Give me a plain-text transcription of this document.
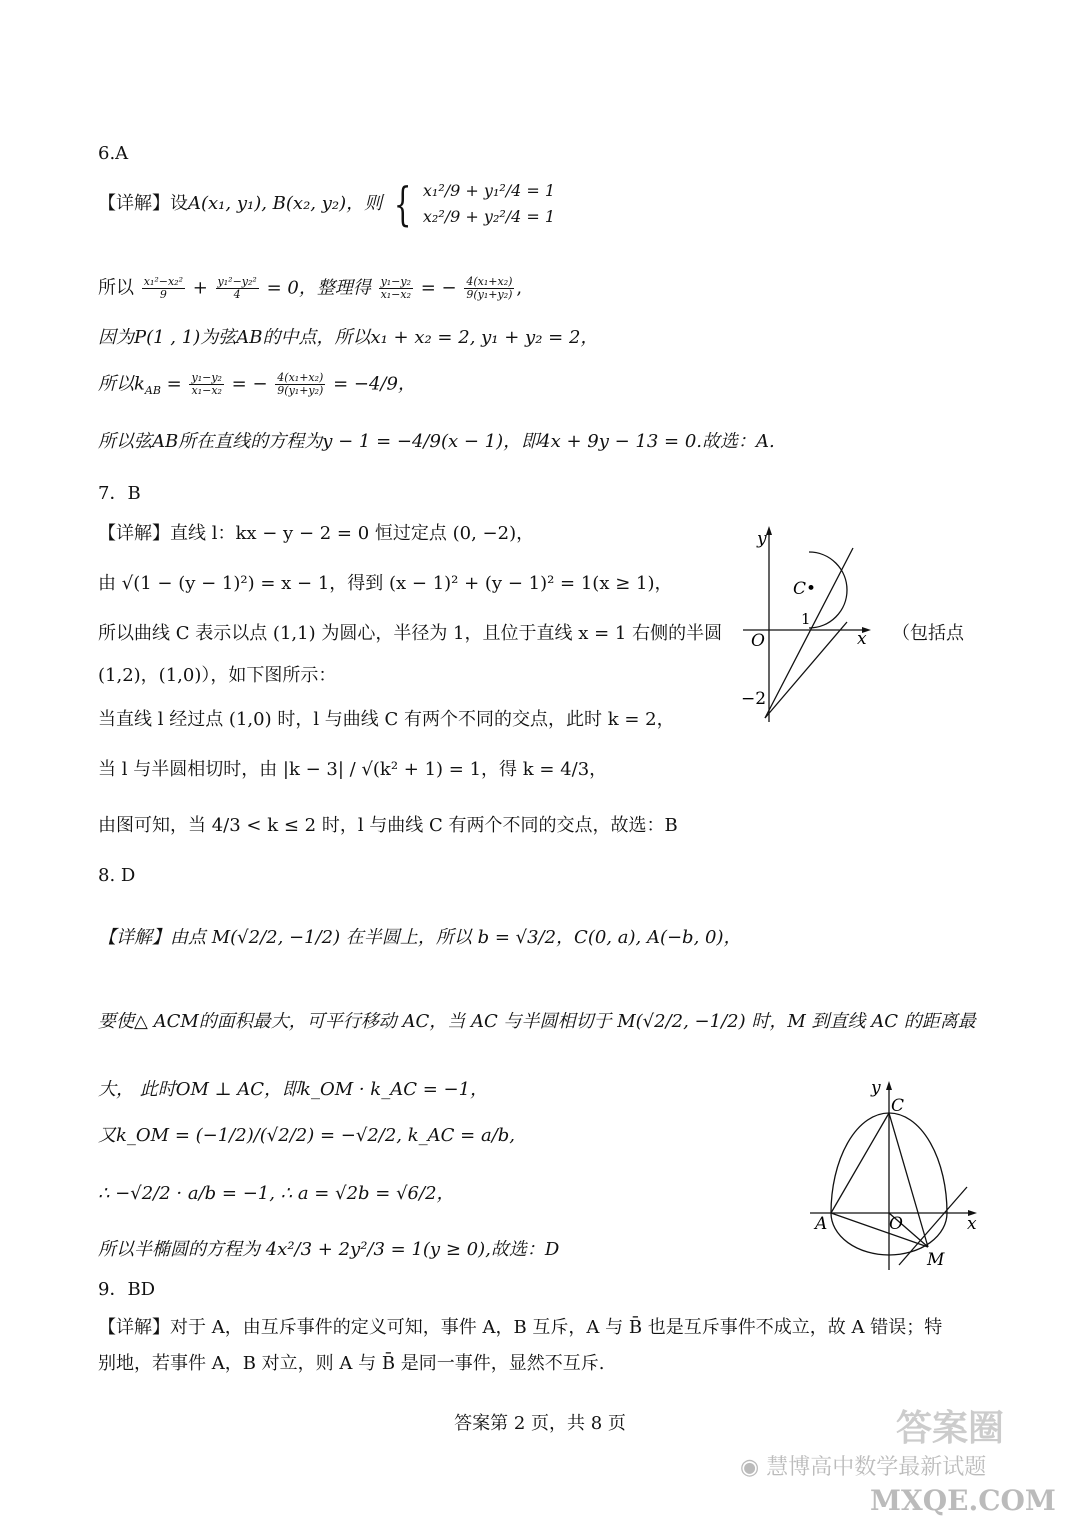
6.A
【详解】设A(x₁, y₁), B(x₂, y₂)，则 { x₁²/9 + y₁²/4 = 1
x₂²/9 + y₂²/4 = 1
所以 $\frac{\text{x₁²−x₂²}}{9} + \frac{\text{y₁²−y₂²}}{4} = 0$，整理得 $\frac{\text{y₁−y₂}}{\text{x₁−x₂}}$ = − $\frac{\text{4(x₁+x₂)}}{\text{9(y₁+y₂)}}$ ,
因为P(1 , 1)为弦AB的中点，所以x₁ + x₂ = 2, y₁ + y₂ = 2，
所以$k_{AB} = \frac{\text{y₁−y₂}}{\text{x₁−x₂}}$ = − $\frac{\text{4(x₁+x₂)}}{\text{9(y₁+y₂)}} = -4/9$，
所以弦AB所在直线的方程为y − 1 = −4/9(x − 1)，即4x + 9y − 13 = 0.故选：A.
7．B
【详解】直线 l：kx − y − 2 = 0 恒过定点 (0, −2)，
由 √(1 − (y − 1)²) = x − 1，得到 (x − 1)² + (y − 1)² = 1(x ≥ 1)，
所以曲线 C 表示以点 (1,1) 为圆心，半径为 1，且位于直线 x = 1 右侧的半圆	（包括点
(1,2)，(1,0)），如下图所示：
当直线 l 经过点 (1,0) 时，l 与曲线 C 有两个不同的交点，此时 k = 2，
当 l 与半圆相切时，由 |k − 3| / √(k² + 1) = 1，得 k = 4/3，
由图可知，当 4/3 < k ≤ 2 时，l 与曲线 C 有两个不同的交点，故选：B
y
x
O
C•
1
−2
8. D
【详解】由点 M(√2/2, −1/2) 在半圆上，所以 b = √3/2，C(0, a), A(−b, 0)，
要使△ ACM的面积最大，可平行移动 AC，当 AC 与半圆相切于 M(√2/2, −1/2) 时，M 到直线 AC 的距离最
大， 此时OM ⊥ AC，即k_OM · k_AC = −1，
又k_OM = (−1/2)/(√2/2) = −√2/2, k_AC = a/b,
∴ −√2/2 · a/b = −1, ∴ a = √2b = √6/2，
所以半椭圆的方程为 4x²/3 + 2y²/3 = 1(y ≥ 0),故选：D
y
x
C
A	O
M
9．BD
【详解】对于 A，由互斥事件的定义可知，事件 A，B 互斥，A 与 B̄ 也是互斥事件不成立，故 A 错误；特
别地，若事件 A，B 对立，则 A 与 B̄ 是同一事件，显然不互斥.
答案第 2 页，共 8 页
◉ 慧博高中数学最新试题
MXQE.COM
答案圈
